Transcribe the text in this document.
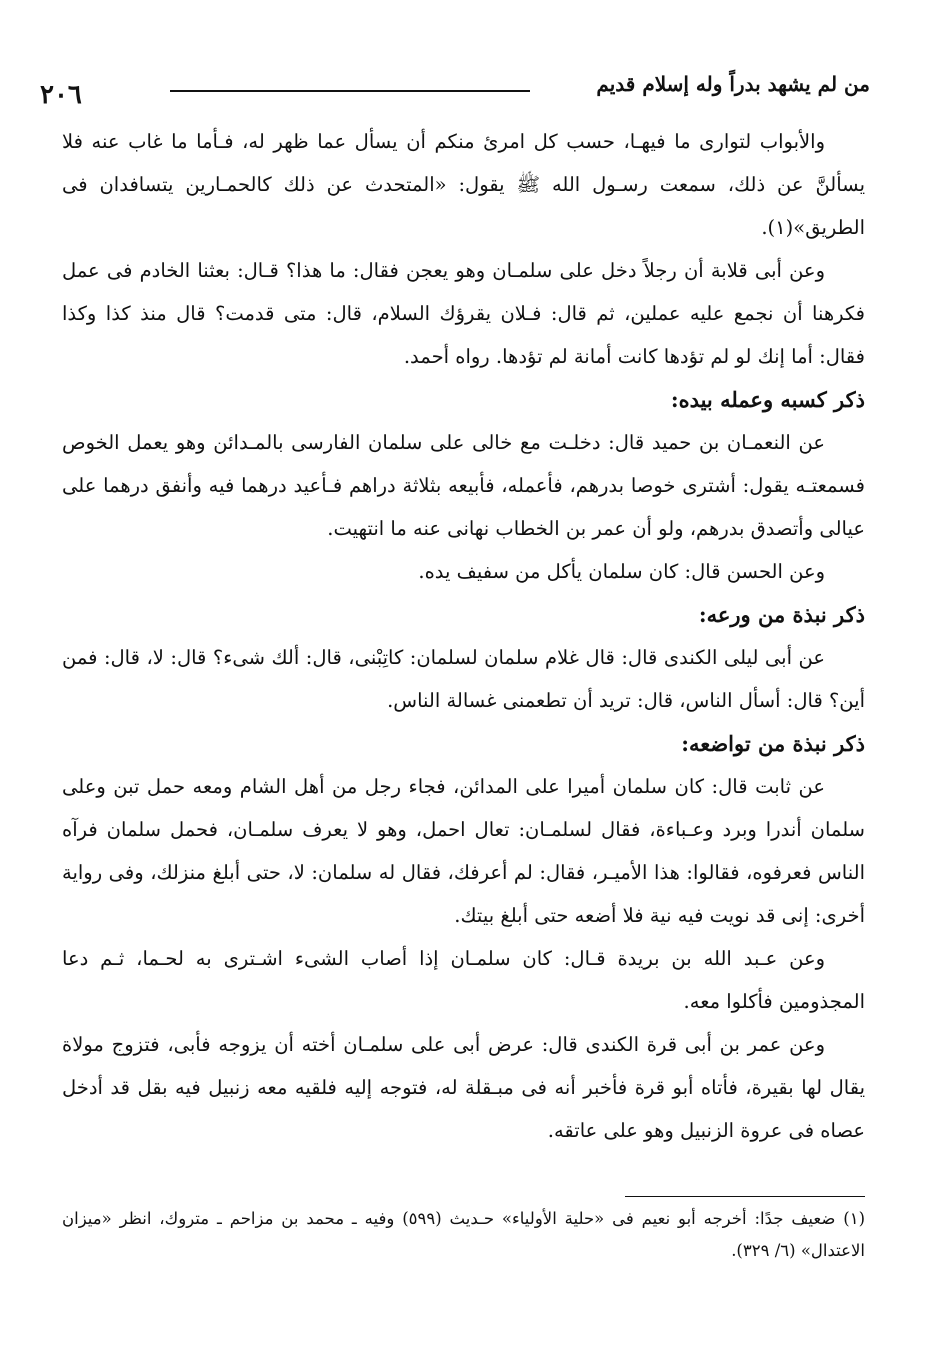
من لم يشهد بدراً وله إسلام قديم
٢٠٦

والأبواب لتوارى ما فيهـا، حسب كل امرئ منكم أن يسأل عما ظهر له، فـأما ما غاب عنه فلا يسألنَّ عن ذلك، سمعت رسـول الله ﷺ يقول: «المتحدث عن ذلك كالحمـارين يتسافدان فى الطريق»(١).

وعن أبى قلابة أن رجلاً دخل على سلمـان وهو يعجن فقال: ما هذا؟ قـال: بعثنا الخادم فى عمل فكرهنا أن نجمع عليه عملين، ثم قال: فـلان يقرؤك السلام، قال: متى قدمت؟ قال منذ كذا وكذا فقال: أما إنك لو لم تؤدها كانت أمانة لم تؤدها. رواه أحمد.

ذكر كسبه وعمله بيده:

عن النعمـان بن حميد قال: دخلـت مع خالى على سلمان الفارسى بالمـدائن وهو يعمل الخوص فسمعتـه يقول: أشترى خوصا بدرهم، فأعمله، فأبيعه بثلاثة دراهم فـأعيد درهما فيه وأنفق درهما على عيالى وأتصدق بدرهم، ولو أن عمر بن الخطاب نهانى عنه ما انتهيت.

وعن الحسن قال: كان سلمان يأكل من سفيف يده.

ذكر نبذة من ورعه:

عن أبى ليلى الكندى قال: قال غلام سلمان لسلمان: كاتِبْنى، قال: ألك شىء؟ قال: لا، قال: فمن أين؟ قال: أسأل الناس، قال: تريد أن تطعمنى غسالة الناس.

ذكر نبذة من تواضعه:

عن ثابت قال: كان سلمان أميرا على المدائن، فجاء رجل من أهل الشام ومعه حمل تبن وعلى سلمان أندرا وبرد وعـباءة، فقال لسلمـان: تعال احمل، وهو لا يعرف سلمـان، فحمل سلمان فرآه الناس فعرفوه، فقالوا: هذا الأميـر، فقال: لم أعرفك، فقال له سلمان: لا، حتى أبلغ منزلك، وفى رواية أخرى: إنى قد نويت فيه نية فلا أضعه حتى أبلغ بيتك.

وعن عـبد الله بن بريدة قـال: كان سلمـان إذا أصاب الشىء اشـترى به لحـما، ثـم دعا المجذومين فأكلوا معه.

وعن عمر بن أبى قرة الكندى قال: عرض أبى على سلمـان أخته أن يزوجه فأبى، فتزوج مولاة يقال لها بقيرة، فأتاه أبو قرة فأخبر أنه فى مبـقلة له، فتوجه إليه فلقيه معه زنبيل فيه بقل قد أدخل عصاه فى عروة الزنبيل وهو على عاتقه.

(١) ضعيف جدًا: أخرجه أبو نعيم فى «حلية الأولياء» حـديث (٥٩٩) وفيه ـ محمد بن مزاحم ـ متروك، انظر «ميزان الاعتدال» (٦/ ٣٢٩).
